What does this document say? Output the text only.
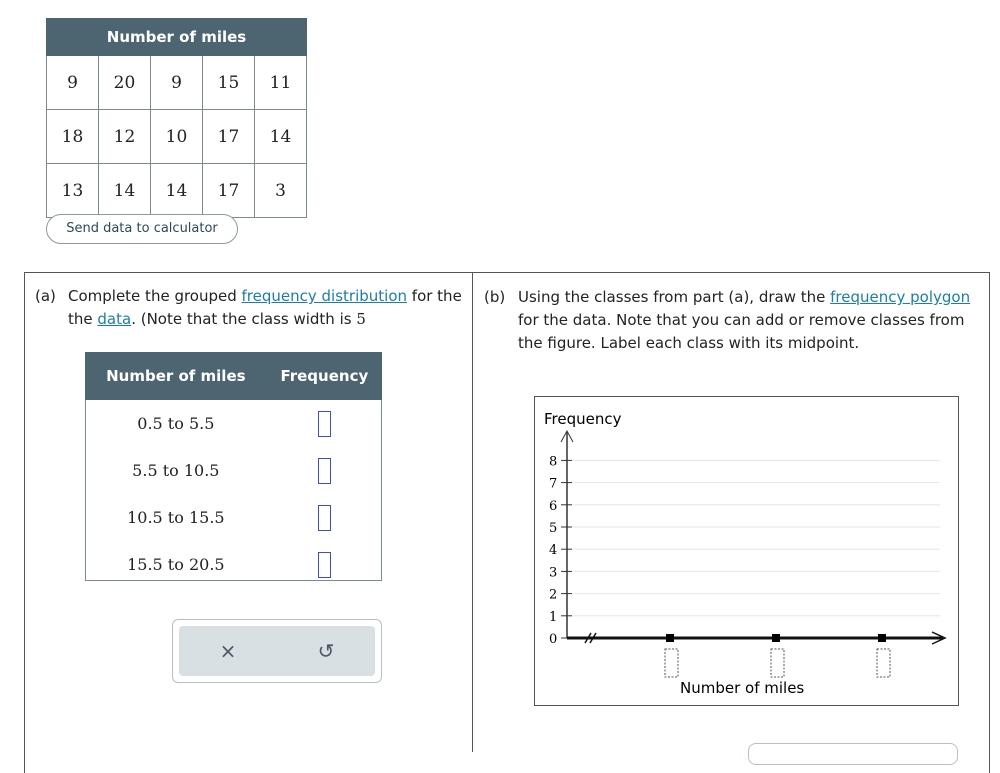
Number of miles				
9	20	9	15	11
18	12	10	17	14
13	14	14	17	3
Send data to calculator
(a) Complete the grouped frequency distribution for the
the data. (Note that the class width is 5
Number of miles	Frequency
0.5 to 5.5	
5.5 to 10.5	
10.5 to 15.5	
15.5 to 20.5	
×	↺
(b) Using the classes from part (a), draw the frequency polygon for the data. Note that you can add or remove classes from the figure. Label each class with its midpoint.
Frequency
0
1
2
3
4
5
6
7
8
Number of miles
